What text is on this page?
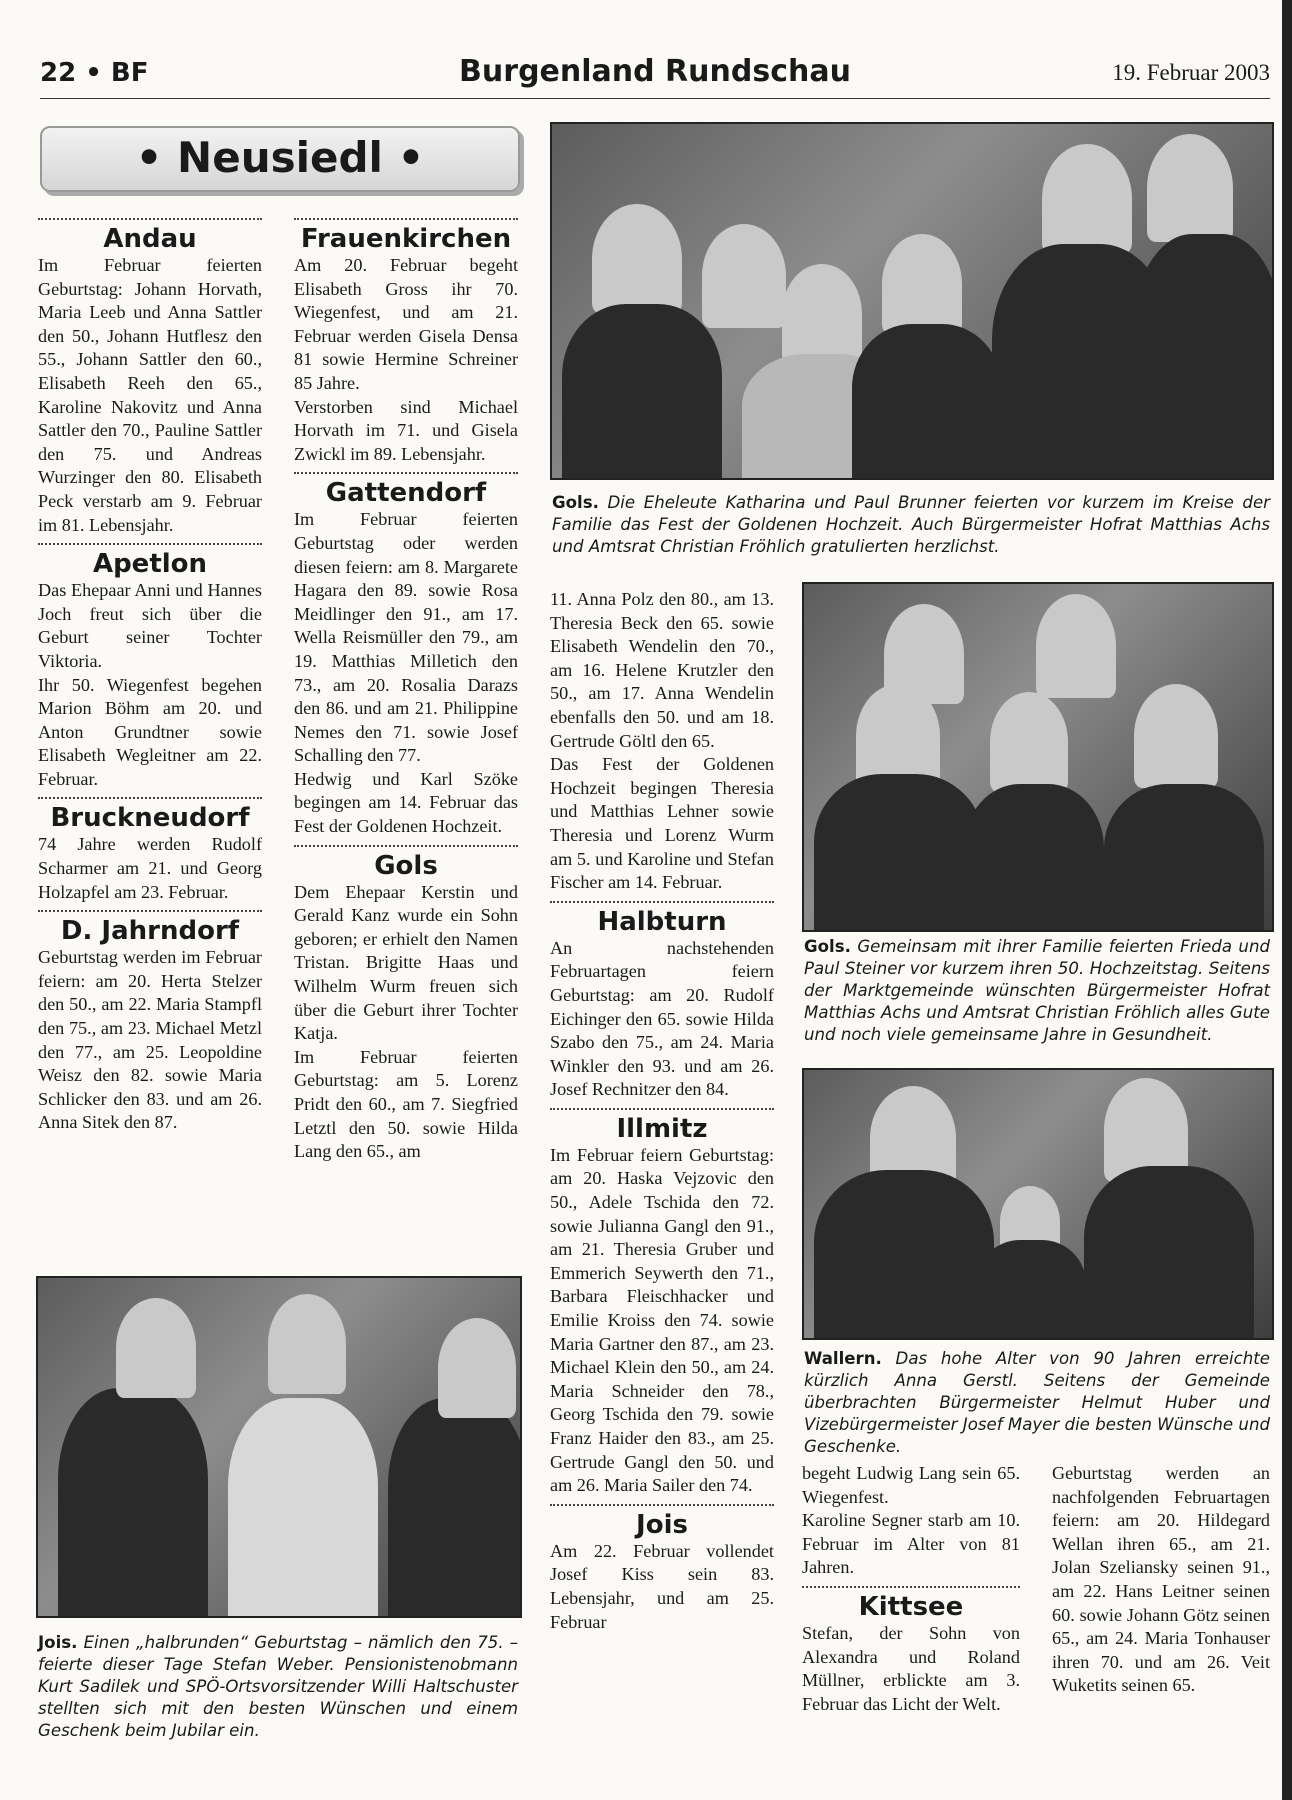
22 • BF	Burgenland Rundschau	19. Februar 2003
• Neusiedl •
Andau

Im Februar feierten Geburtstag: Johann Horvath, Maria Leeb und Anna Sattler den 50., Johann Hutflesz den 55., Johann Sattler den 60., Elisabeth Reeh den 65., Karoline Nakovitz und Anna Sattler den 70., Pauline Sattler den 75. und Andreas Wurzinger den 80. Elisabeth Peck verstarb am 9. Februar im 81. Lebensjahr.

Apetlon

Das Ehepaar Anni und Hannes Joch freut sich über die Geburt seiner Tochter Viktoria.

Ihr 50. Wiegenfest begehen Marion Böhm am 20. und Anton Grundtner sowie Elisabeth Wegleitner am 22. Februar.

Bruckneudorf

74 Jahre werden Rudolf Scharmer am 21. und Georg Holzapfel am 23. Februar.

D. Jahrndorf

Geburtstag werden im Februar feiern: am 20. Herta Stelzer den 50., am 22. Maria Stampfl den 75., am 23. Michael Metzl den 77., am 25. Leopoldine Weisz den 82. sowie Maria Schlicker den 83. und am 26. Anna Sitek den 87.

Frauenkirchen

Am 20. Februar begeht Elisabeth Gross ihr 70. Wiegenfest, und am 21. Februar werden Gisela Densa 81 sowie Hermine Schreiner 85 Jahre.

Verstorben sind Michael Horvath im 71. und Gisela Zwickl im 89. Lebensjahr.

Gattendorf

Im Februar feierten Geburtstag oder werden diesen feiern: am 8. Margarete Hagara den 89. sowie Rosa Meidlinger den 91., am 17. Wella Reismüller den 79., am 19. Matthias Milletich den 73., am 20. Rosalia Darazs den 86. und am 21. Philippine Nemes den 71. sowie Josef Schalling den 77.

Hedwig und Karl Szöke begingen am 14. Februar das Fest der Goldenen Hochzeit.

Gols

Dem Ehepaar Kerstin und Gerald Kanz wurde ein Sohn geboren; er erhielt den Namen Tristan. Brigitte Haas und Wilhelm Wurm freuen sich über die Geburt ihrer Tochter Katja.

Im Februar feierten Geburtstag: am 5. Lorenz Pridt den 60., am 7. Siegfried Letztl den 50. sowie Hilda Lang den 65., am

Jois. Einen „halbrunden“ Geburtstag – nämlich den 75. – feierte dieser Tage Stefan Weber. Pensionistenobmann Kurt Sadilek und SPÖ-Ortsvorsitzender Willi Haltschuster stellten sich mit den besten Wünschen und einem Geschenk beim Jubilar ein.
Gols. Die Eheleute Katharina und Paul Brunner feierten vor kurzem im Kreise der Familie das Fest der Goldenen Hochzeit. Auch Bürgermeister Hofrat Matthias Achs und Amtsrat Christian Fröhlich gratulierten herzlichst.

11. Anna Polz den 80., am 13. Theresia Beck den 65. sowie Elisabeth Wendelin den 70., am 16. Helene Krutzler den 50., am 17. Anna Wendelin ebenfalls den 50. und am 18. Gertrude Göltl den 65.

Das Fest der Goldenen Hochzeit begingen Theresia und Matthias Lehner sowie Theresia und Lorenz Wurm am 5. und Karoline und Stefan Fischer am 14. Februar.

Halbturn

An nachstehenden Februartagen feiern Geburtstag: am 20. Rudolf Eichinger den 65. sowie Hilda Szabo den 75., am 24. Maria Winkler den 93. und am 26. Josef Rechnitzer den 84.

Illmitz

Im Februar feiern Geburtstag: am 20. Haska Vejzovic den 50., Adele Tschida den 72. sowie Julianna Gangl den 91., am 21. Theresia Gruber und Emmerich Seywerth den 71., Barbara Fleischhacker und Emilie Kroiss den 74. sowie Maria Gartner den 87., am 23. Michael Klein den 50., am 24. Maria Schneider den 78., Georg Tschida den 79. sowie Franz Haider den 83., am 25. Gertrude Gangl den 50. und am 26. Maria Sailer den 74.

Jois

Am 22. Februar vollendet Josef Kiss sein 83. Lebensjahr, und am 25. Februar

Gols. Gemeinsam mit ihrer Familie feierten Frieda und Paul Steiner vor kurzem ihren 50. Hochzeitstag. Seitens der Marktgemeinde wünschten Bürgermeister Hofrat Matthias Achs und Amtsrat Christian Fröhlich alles Gute und noch viele gemeinsame Jahre in Gesundheit.
Wallern. Das hohe Alter von 90 Jahren erreichte kürzlich Anna Gerstl. Seitens der Gemeinde überbrachten Bürgermeister Helmut Huber und Vizebürgermeister Josef Mayer die besten Wünsche und Geschenke.

begeht Ludwig Lang sein 65. Wiegenfest.

Karoline Segner starb am 10. Februar im Alter von 81 Jahren.

Kittsee

Stefan, der Sohn von Alexandra und Roland Müllner, erblickte am 3. Februar das Licht der Welt.

Geburtstag werden an nachfolgenden Februartagen feiern: am 20. Hildegard Wellan ihren 65., am 21. Jolan Szeliansky seinen 91., am 22. Hans Leitner seinen 60. sowie Johann Götz seinen 65., am 24. Maria Tonhauser ihren 70. und am 26. Veit Wuketits seinen 65.
